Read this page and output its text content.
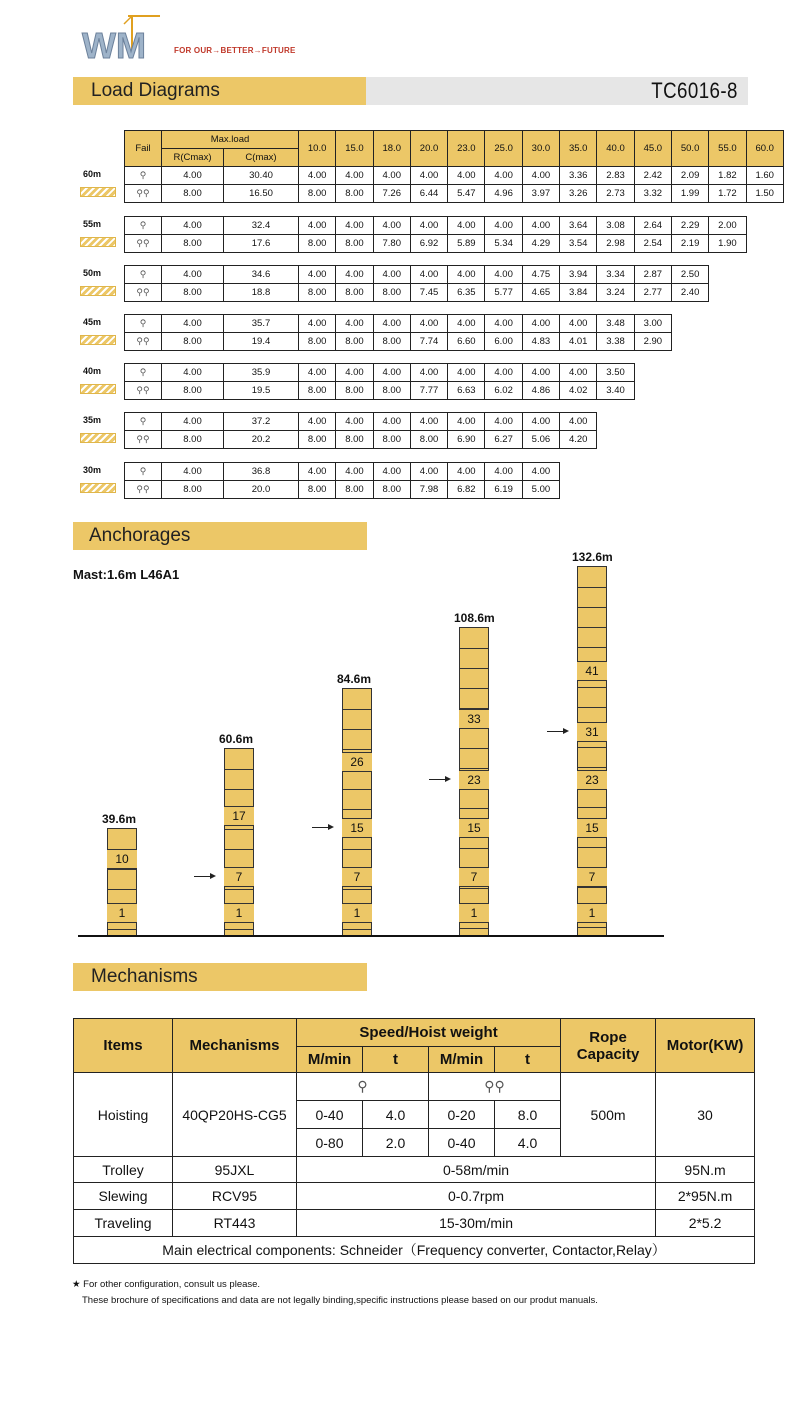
WM	FOR OUR→BETTER→FUTURE
Load Diagrams	TC6016-8
Fail	Max.load		10.0	15.0	18.0	20.0	23.0	25.0	30.0	35.0	40.0	45.0	50.0	55.0	60.0
	R(Cmax)	C(max)													
60m	⚲	4.00	30.40	4.00	4.00	4.00	4.00	4.00	4.00	4.00	3.36	2.83	2.42	2.09	1.82	1.60
⚲⚲	8.00	16.50	8.00	8.00	7.26	6.44	5.47	4.96	3.97	3.26	2.73	3.32	1.99	1.72	1.50
55m	⚲	4.00	32.4	4.00	4.00	4.00	4.00	4.00	4.00	4.00	3.64	3.08	2.64	2.29	2.00
⚲⚲	8.00	17.6	8.00	8.00	7.80	6.92	5.89	5.34	4.29	3.54	2.98	2.54	2.19	1.90
50m	⚲	4.00	34.6	4.00	4.00	4.00	4.00	4.00	4.00	4.75	3.94	3.34	2.87	2.50
⚲⚲	8.00	18.8	8.00	8.00	8.00	7.45	6.35	5.77	4.65	3.84	3.24	2.77	2.40
45m	⚲	4.00	35.7	4.00	4.00	4.00	4.00	4.00	4.00	4.00	4.00	3.48	3.00
⚲⚲	8.00	19.4	8.00	8.00	8.00	7.74	6.60	6.00	4.83	4.01	3.38	2.90
40m	⚲	4.00	35.9	4.00	4.00	4.00	4.00	4.00	4.00	4.00	4.00	3.50
⚲⚲	8.00	19.5	8.00	8.00	8.00	7.77	6.63	6.02	4.86	4.02	3.40
35m	⚲	4.00	37.2	4.00	4.00	4.00	4.00	4.00	4.00	4.00	4.00
⚲⚲	8.00	20.2	8.00	8.00	8.00	8.00	6.90	6.27	5.06	4.20
30m	⚲	4.00	36.8	4.00	4.00	4.00	4.00	4.00	4.00	4.00
⚲⚲	8.00	20.0	8.00	8.00	8.00	7.98	6.82	6.19	5.00
Anchorages
Mast:1.6m L46A1
39.6m
10
1
60.6m
17
7
1
84.6m
26
15
7
1
108.6m
33
23
15
7
1
132.6m
41
31
23
15
7
1
Mechanisms
Items	Mechanisms	Speed/Hoist weight				Rope Capacity	Motor(KW)
		M/min	t	M/min	t		
Hoisting	40QP20HS-CG5	⚲		⚲⚲		500m	30
		0-40	4.0	0-20	8.0		
		0-80	2.0	0-40	4.0		
Trolley	95JXL	0-58m/min					95N.m
Slewing	RCV95	0-0.7rpm					2*95N.m
Traveling	RT443	15-30m/min					2*5.2
Main electrical components: Schneider（Frequency converter, Contactor,Relay）							
★ For other configuration, consult us please.
These brochure of specifications and data are not legally binding,specific instructions please based on our produt manuals.
